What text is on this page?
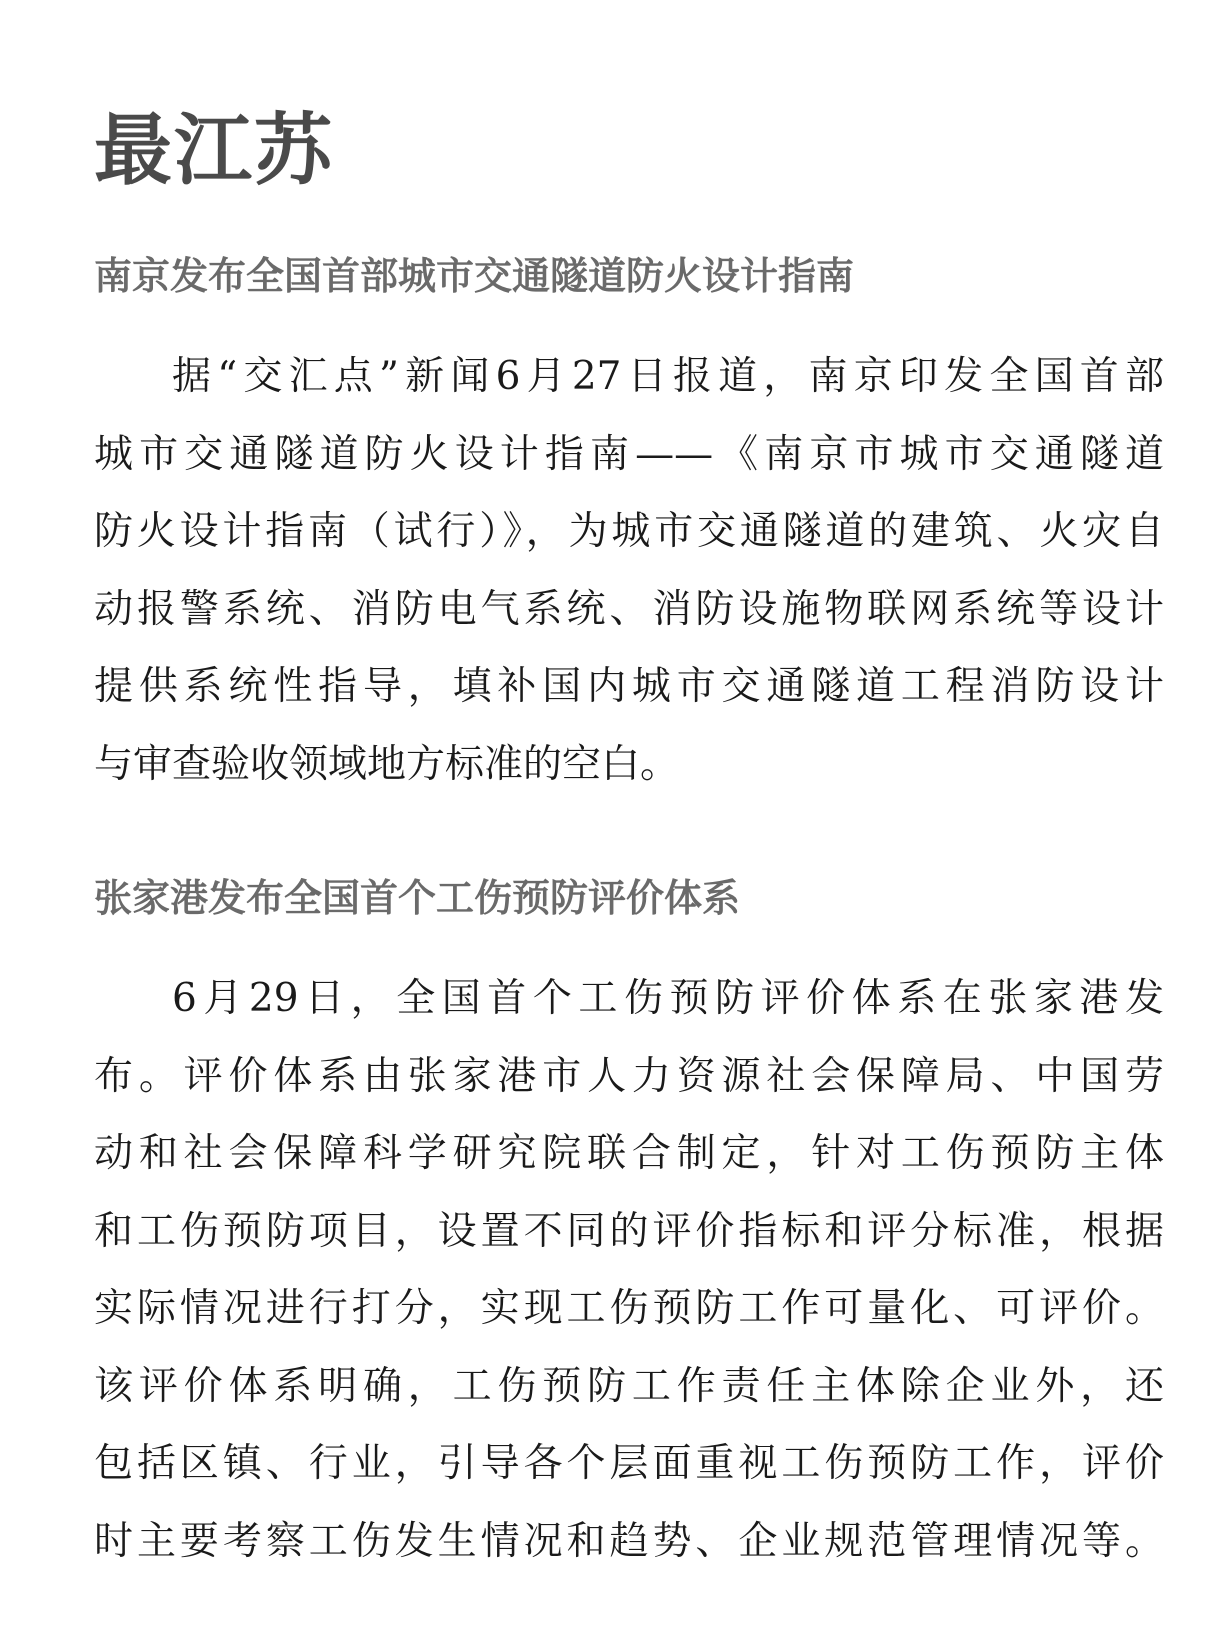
最江苏
南京发布全国首部城市交通隧道防火设计指南
据“交汇点”新闻6月27日报道，南京印发全国首部
城市交通隧道防火设计指南——《南京市城市交通隧道
防火设计指南（试行）》，为城市交通隧道的建筑、火灾自
动报警系统、消防电气系统、消防设施物联网系统等设计
提供系统性指导，填补国内城市交通隧道工程消防设计
与审查验收领域地方标准的空白。
张家港发布全国首个工伤预防评价体系
6月29日，全国首个工伤预防评价体系在张家港发
布。评价体系由张家港市人力资源社会保障局、中国劳
动和社会保障科学研究院联合制定，针对工伤预防主体
和工伤预防项目，设置不同的评价指标和评分标准，根据
实际情况进行打分，实现工伤预防工作可量化、可评价。
该评价体系明确，工伤预防工作责任主体除企业外，还
包括区镇、行业，引导各个层面重视工伤预防工作，评价
时主要考察工伤发生情况和趋势、企业规范管理情况等。
